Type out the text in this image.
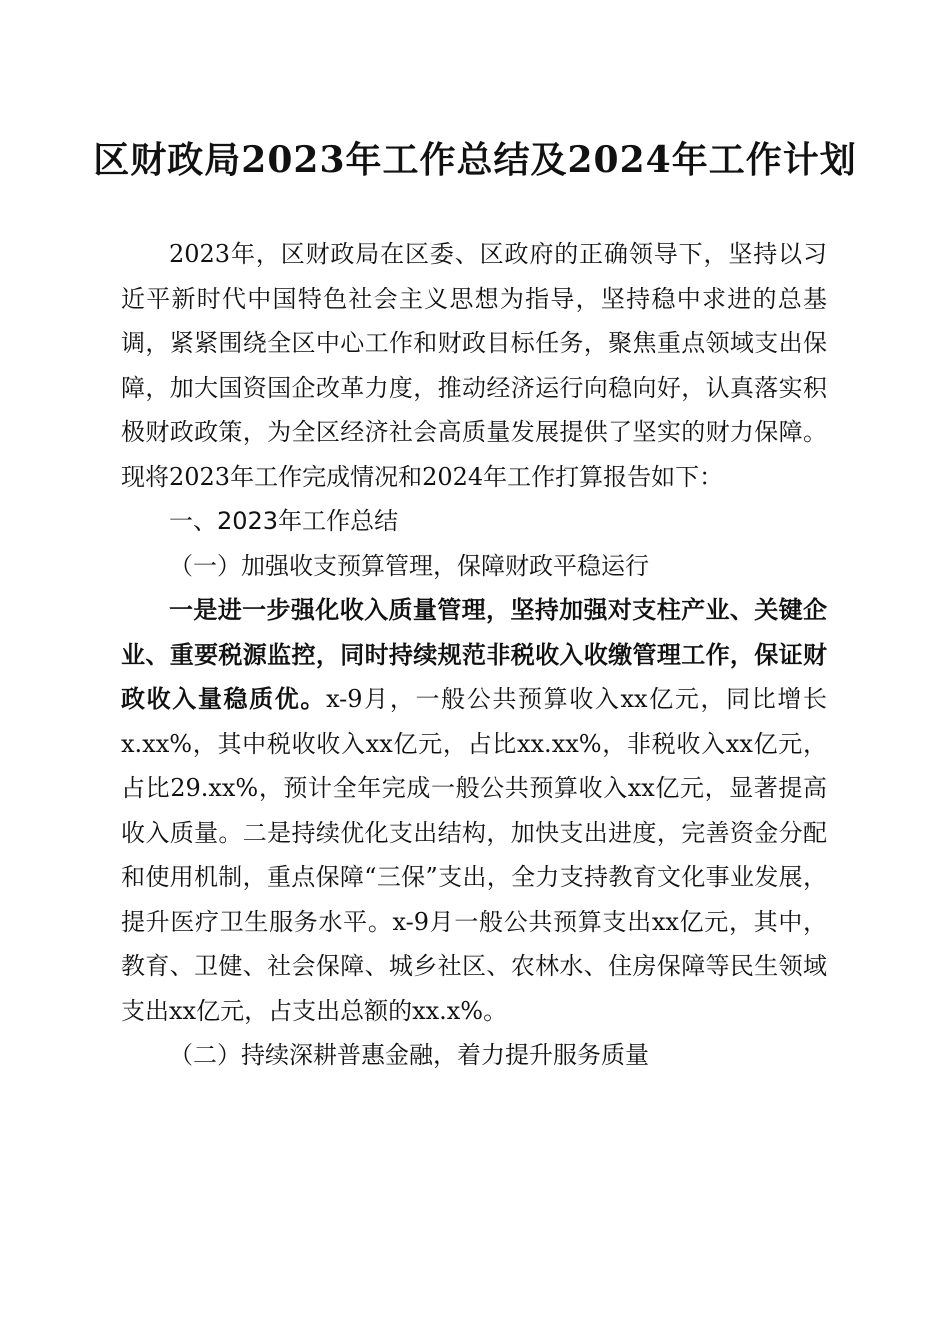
区财政局2023年工作总结及2024年工作计划

2023年，区财政局在区委、区政府的正确领导下，坚持以习近平新时代中国特色社会主义思想为指导，坚持稳中求进的总基调，紧紧围绕全区中心工作和财政目标任务，聚焦重点领域支出保障，加大国资国企改革力度，推动经济运行向稳向好，认真落实积极财政政策，为全区经济社会高质量发展提供了坚实的财力保障。现将2023年工作完成情况和2024年工作打算报告如下：

一、2023年工作总结

（一）加强收支预算管理，保障财政平稳运行

一是进一步强化收入质量管理，坚持加强对支柱产业、关键企业、重要税源监控，同时持续规范非税收入收缴管理工作，保证财政收入量稳质优。x-9月，一般公共预算收入xx亿元，同比增长x.xx%，其中税收收入xx亿元，占比xx.xx%，非税收入xx亿元，占比29.xx%，预计全年完成一般公共预算收入xx亿元，显著提高收入质量。二是持续优化支出结构，加快支出进度，完善资金分配和使用机制，重点保障“三保”支出，全力支持教育文化事业发展，提升医疗卫生服务水平。x-9月一般公共预算支出xx亿元，其中，教育、卫健、社会保障、城乡社区、农林水、住房保障等民生领域支出xx亿元，占支出总额的xx.x%。

（二）持续深耕普惠金融，着力提升服务质量
